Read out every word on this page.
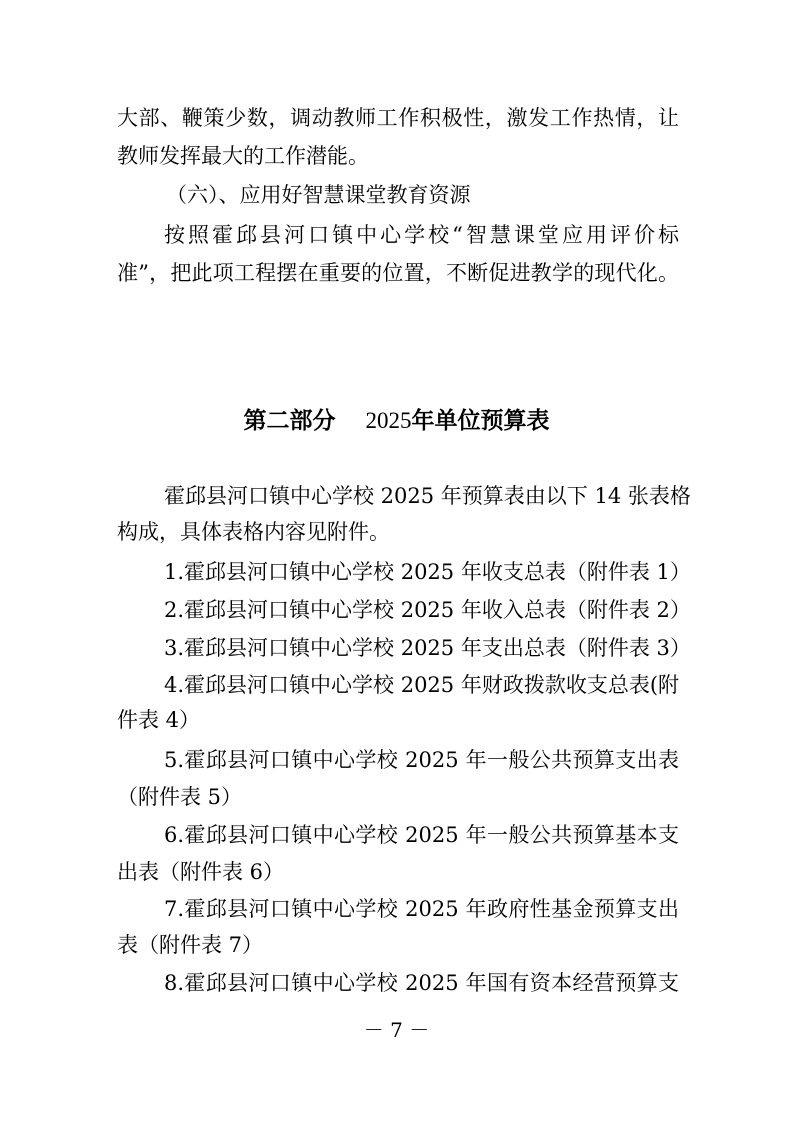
大部、鞭策少数，调动教师工作积极性，激发工作热情，让
教师发挥最大的工作潜能。
（六）、应用好智慧课堂教育资源
按照霍邱县河口镇中心学校“智慧课堂应用评价标
准”，把此项工程摆在重要的位置，不断促进教学的现代化。
第二部分 2025年单位预算表
霍邱县河口镇中心学校 2025 年预算表由以下 14 张表格
构成，具体表格内容见附件。
1.霍邱县河口镇中心学校 2025 年收支总表（附件表 1）
2.霍邱县河口镇中心学校 2025 年收入总表（附件表 2）
3.霍邱县河口镇中心学校 2025 年支出总表（附件表 3）
4.霍邱县河口镇中心学校 2025 年财政拨款收支总表(附
件表 4）
5.霍邱县河口镇中心学校 2025 年一般公共预算支出表
（附件表 5）
6.霍邱县河口镇中心学校 2025 年一般公共预算基本支
出表（附件表 6）
7.霍邱县河口镇中心学校 2025 年政府性基金预算支出
表（附件表 7）
8.霍邱县河口镇中心学校 2025 年国有资本经营预算支
－ 7 －
